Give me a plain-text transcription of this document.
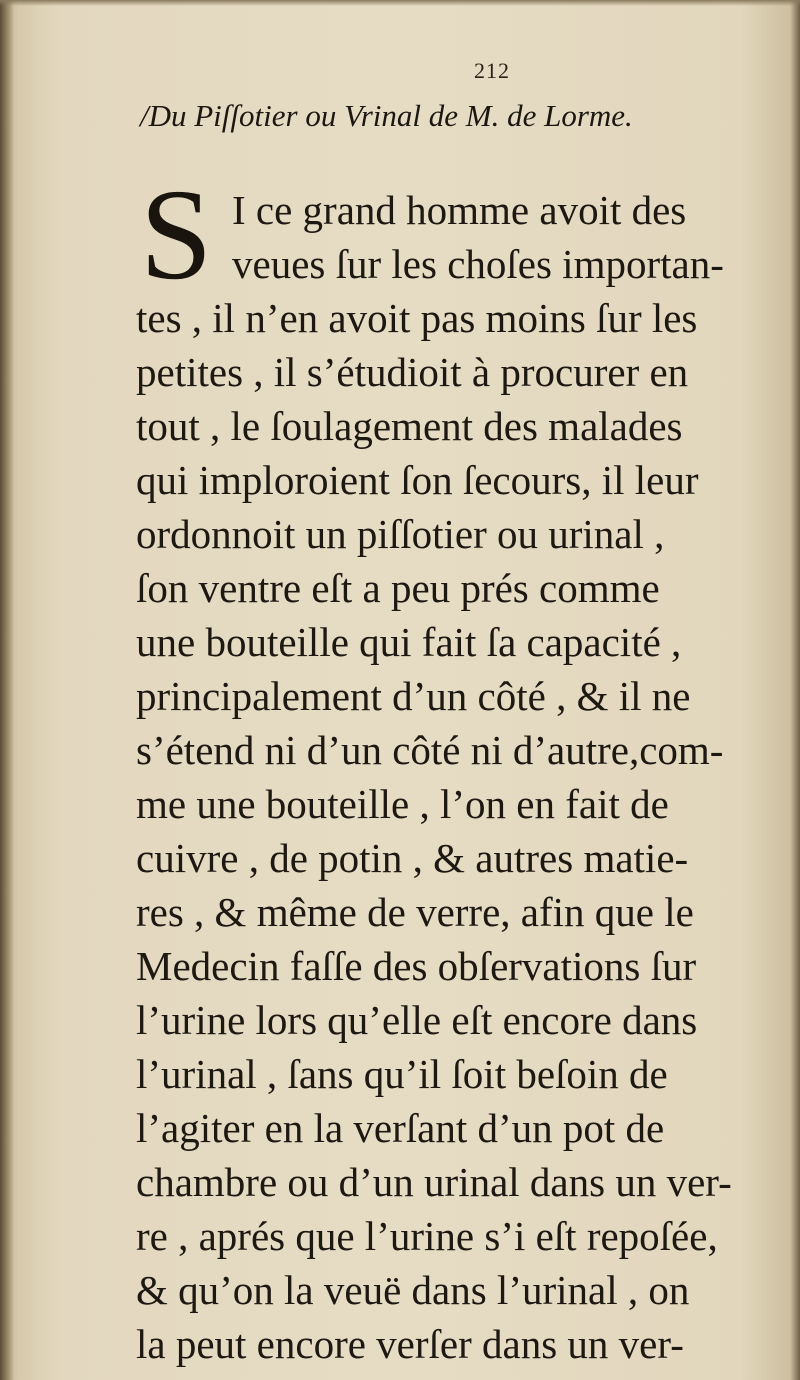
212
/Du Piſſotier ou Vrinal de M. de Lorme.
S I ce grand homme avoit des
veues ſur les choſes importan-
tes , il n’en avoit pas moins ſur les
petites , il s’étudioit à procurer en
tout , le ſoulagement des malades
qui imploroient ſon ſecours, il leur
ordonnoit un piſſotier ou urinal ,
ſon ventre eſt a peu prés comme
une bouteille qui fait ſa capacité ,
principalement d’un côté , & il ne
s’étend ni d’un côté ni d’autre,com-
me une bouteille , l’on en fait de
cuivre , de potin , & autres matie-
res , & même de verre, afin que le
Medecin faſſe des obſervations ſur
l’urine lors qu’elle eſt encore dans
l’urinal , ſans qu’il ſoit beſoin de
l’agiter en la verſant d’un pot de
chambre ou d’un urinal dans un ver-
re , aprés que l’urine s’i eſt repoſée,
& qu’on la veuë dans l’urinal , on
la peut encore verſer dans un ver-
